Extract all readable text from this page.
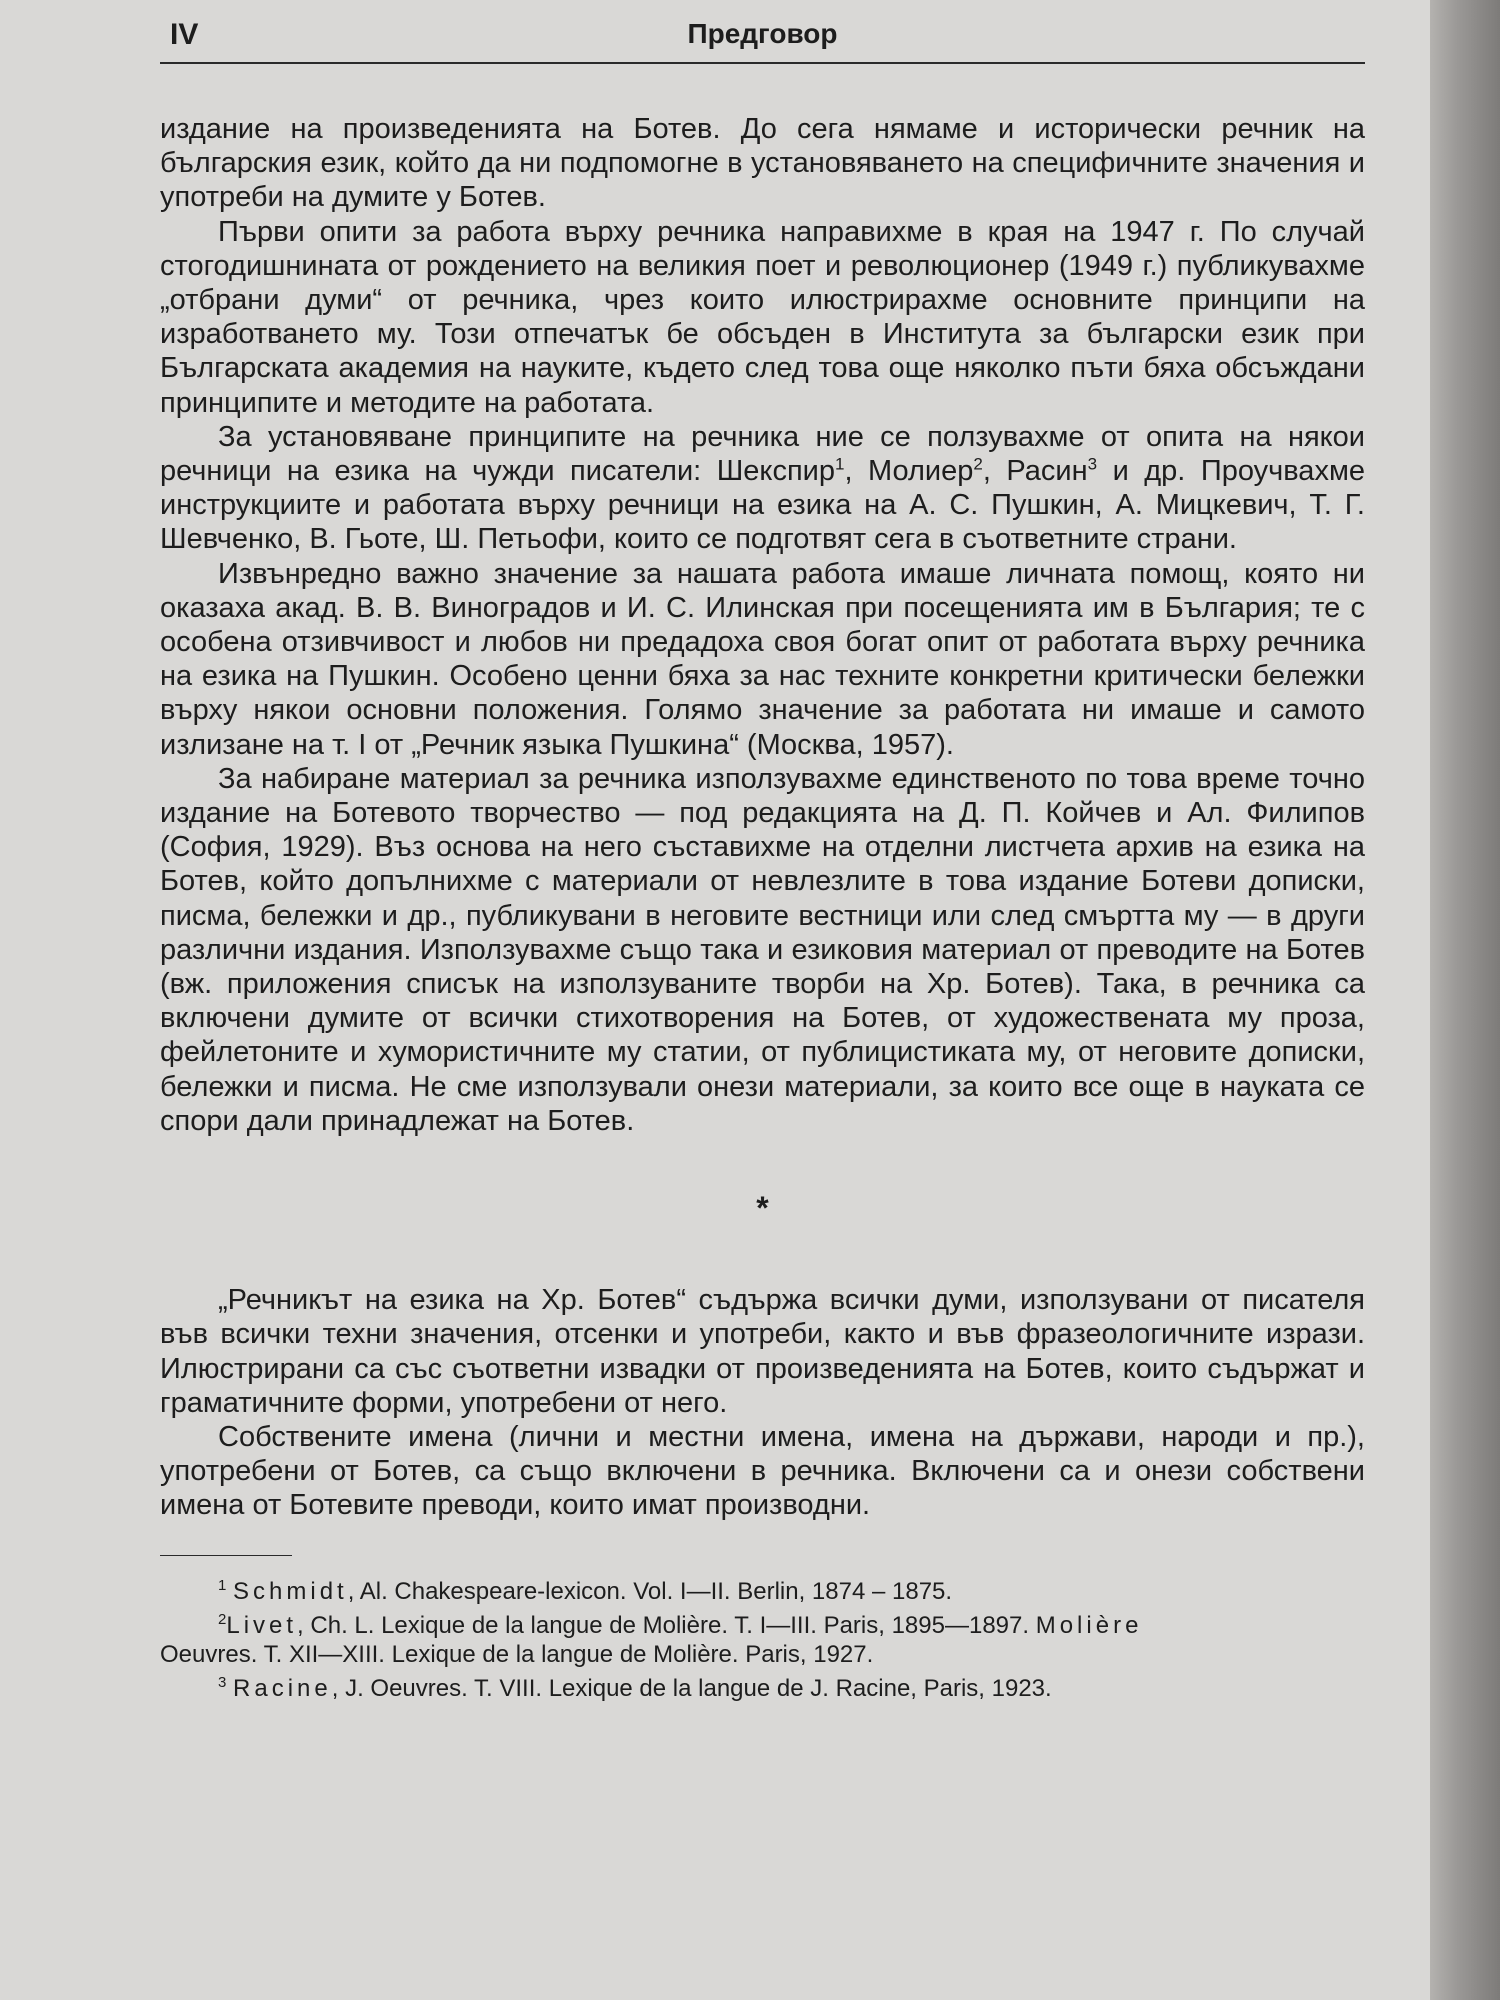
IV	Предговор

издание на произведенията на Ботев. До сега нямаме и исторически речник на българския език, който да ни подпомогне в установяването на специфичните значения и употреби на думите у Ботев.

Първи опити за работа върху речника направихме в края на 1947 г. По случай стогодишнината от рождението на великия поет и революционер (1949 г.) публикувахме „отбрани думи“ от речника, чрез които илюстрирахме основните принципи на изработването му. Този отпечатък бе обсъден в Института за български език при Българската академия на науките, където след това още няколко пъти бяха обсъждани принципите и методите на работата.

За установяване принципите на речника ние се ползувахме от опита на някои речници на езика на чужди писатели: Шекспир$^1$, Молиер$^2$, Расин$^3$ и др. Проучвахме инструкциите и работата върху речници на езика на А. С. Пушкин, А. Мицкевич, Т. Г. Шевченко, В. Гьоте, Ш. Петьофи, които се подготвят сега в съответните страни.

Извънредно важно значение за нашата работа имаше личната помощ, която ни оказаха акад. В. В. Виноградов и И. С. Илинская при посещенията им в България; те с особена отзивчивост и любов ни предадоха своя богат опит от работата върху речника на езика на Пушкин. Особено ценни бяха за нас техните конкретни критически бележки върху някои основни положения. Голямо значение за работата ни имаше и самото излизане на т. I от „Речник языка Пушкина“ (Москва, 1957).

За набиране материал за речника използувахме единственото по това време точно издание на Ботевото творчество — под редакцията на Д. П. Койчев и Ал. Филипов (София, 1929). Въз основа на него съставихме на отделни листчета архив на езика на Ботев, който допълнихме с материали от невлезлите в това издание Ботеви дописки, писма, бележки и др., публикувани в неговите вестници или след смъртта му — в други различни издания. Използувахме също така и езиковия материал от преводите на Ботев (вж. приложения списък на използуваните творби на Хр. Ботев). Така, в речника са включени думите от всички стихотворения на Ботев, от художествената му проза, фейлетоните и хумористичните му статии, от публицистиката му, от неговите дописки, бележки и писма. Не сме използували онези материали, за които все още в науката се спори дали принадлежат на Ботев.

*

„Речникът на езика на Хр. Ботев“ съдържа всички думи, използувани от писателя във всички техни значения, отсенки и употреби, както и във фразеологичните изрази. Илюстрирани са със съответни извадки от произведенията на Ботев, които съдържат и граматичните форми, употребени от него.

Собствените имена (лични и местни имена, имена на държави, народи и пр.), употребени от Ботев, са също включени в речника. Включени са и онези собствени имена от Ботевите преводи, които имат производни.

$^1$ Schmidt, Al. Chakespeare-lexicon. Vol. I—II. Berlin, 1874 – 1875.

$^2$Livet, Ch. L. Lexique de la langue de Molière. T. I—III. Paris, 1895—1897. Molière

Oeuvres. T. XII—XIII. Lexique de la langue de Molière. Paris, 1927.

$^3$ Racine, J. Oeuvres. T. VIII. Lexique de la langue de J. Racine, Paris, 1923.
